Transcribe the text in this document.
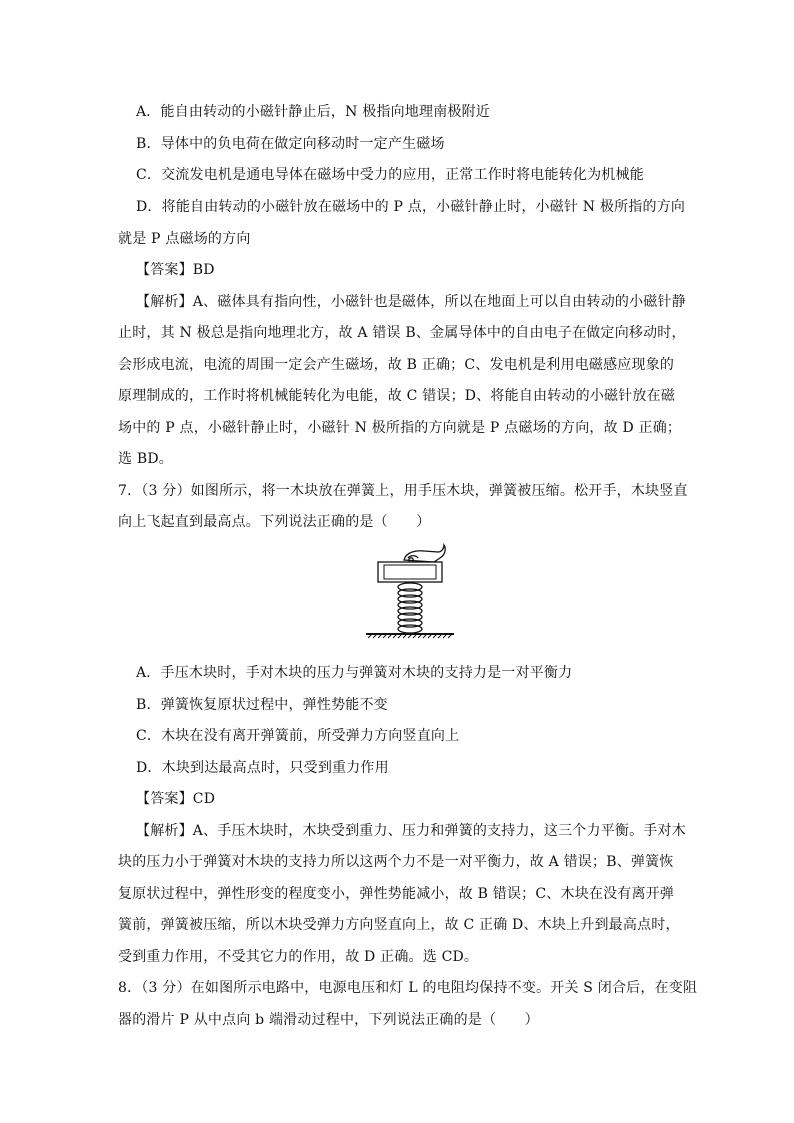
A．能自由转动的小磁针静止后，N 极指向地理南极附近
B．导体中的负电荷在做定向移动时一定产生磁场
C．交流发电机是通电导体在磁场中受力的应用，正常工作时将电能转化为机械能
D．将能自由转动的小磁针放在磁场中的 P 点，小磁针静止时，小磁针 N 极所指的方向
就是 P 点磁场的方向
【答案】BD
【解析】A、磁体具有指向性，小磁针也是磁体，所以在地面上可以自由转动的小磁针静
止时，其 N 极总是指向地理北方，故 A 错误 B、金属导体中的自由电子在做定向移动时，
会形成电流，电流的周围一定会产生磁场，故 B 正确；C、发电机是利用电磁感应现象的
原理制成的，工作时将机械能转化为电能，故 C 错误；D、将能自由转动的小磁针放在磁
场中的 P 点，小磁针静止时，小磁针 N 极所指的方向就是 P 点磁场的方向，故 D 正确；
选 BD。
7．（3 分）如图所示，将一木块放在弹簧上，用手压木块，弹簧被压缩。松开手，木块竖直
向上飞起直到最高点。下列说法正确的是（　　）
A．手压木块时，手对木块的压力与弹簧对木块的支持力是一对平衡力
B．弹簧恢复原状过程中，弹性势能不变
C．木块在没有离开弹簧前，所受弹力方向竖直向上
D．木块到达最高点时，只受到重力作用
【答案】CD
【解析】A、手压木块时，木块受到重力、压力和弹簧的支持力，这三个力平衡。手对木
块的压力小于弹簧对木块的支持力所以这两个力不是一对平衡力，故 A 错误；B、弹簧恢
复原状过程中，弹性形变的程度变小，弹性势能减小，故 B 错误；C、木块在没有离开弹
簧前，弹簧被压缩，所以木块受弹力方向竖直向上，故 C 正确 D、木块上升到最高点时，
受到重力作用，不受其它力的作用，故 D 正确。选 CD。
8．（3 分）在如图所示电路中，电源电压和灯 L 的电阻均保持不变。开关 S 闭合后，在变阻
器的滑片 P 从中点向 b 端滑动过程中，下列说法正确的是（　　）
